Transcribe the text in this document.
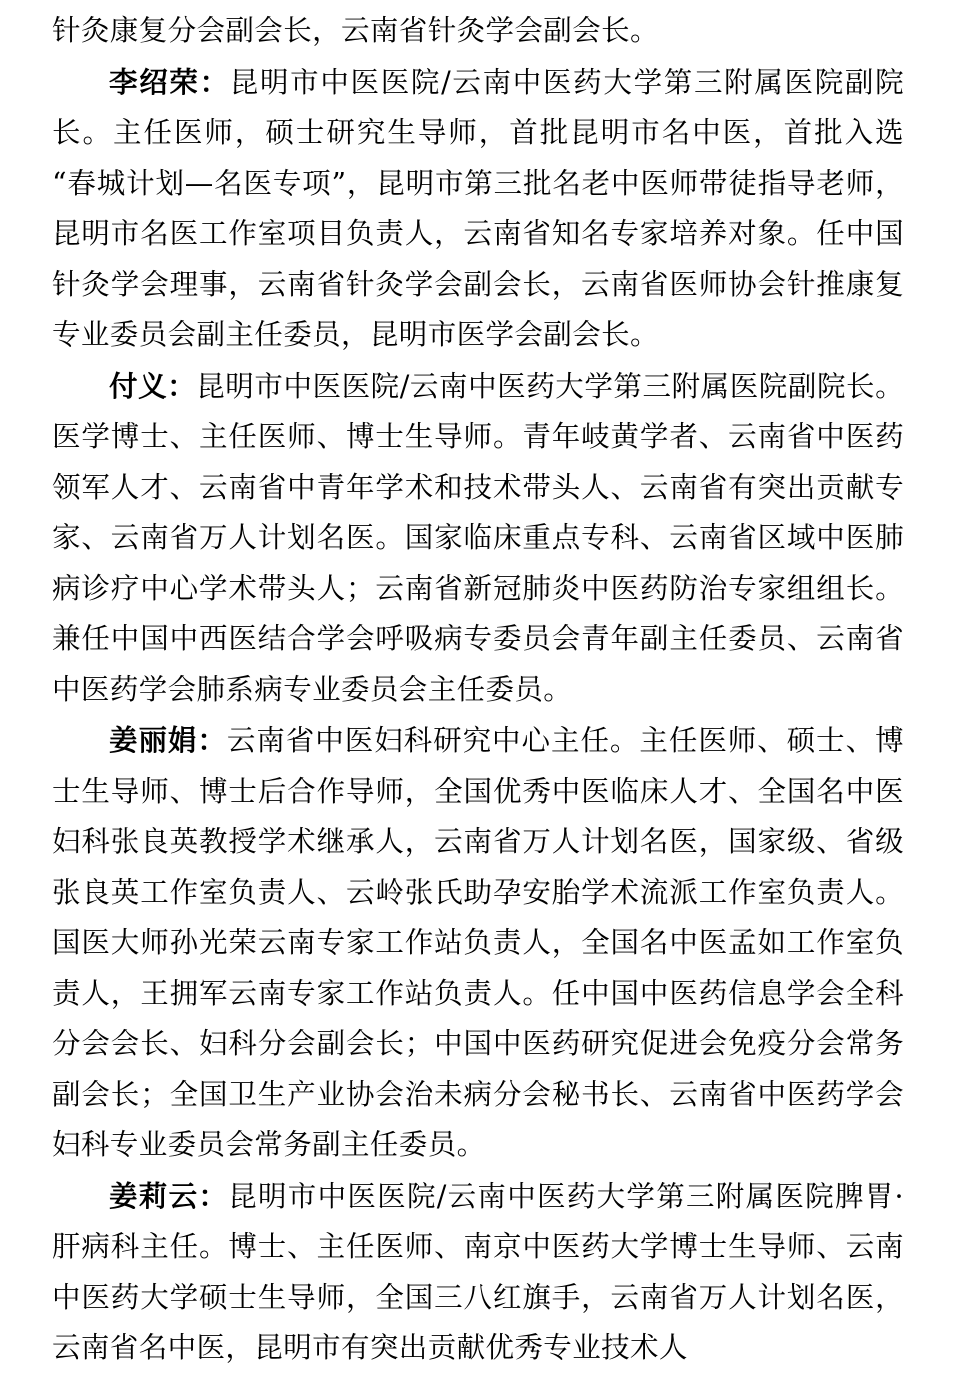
针灸康复分会副会长，云南省针灸学会副会长。

李绍荣：昆明市中医医院/云南中医药大学第三附属医院副院长。主任医师，硕士研究生导师，首批昆明市名中医，首批入选“春城计划—名医专项”，昆明市第三批名老中医师带徒指导老师，昆明市名医工作室项目负责人，云南省知名专家培养对象。任中国针灸学会理事，云南省针灸学会副会长，云南省医师协会针推康复专业委员会副主任委员，昆明市医学会副会长。

付义：昆明市中医医院/云南中医药大学第三附属医院副院长。医学博士、主任医师、博士生导师。青年岐黄学者、云南省中医药领军人才、云南省中青年学术和技术带头人、云南省有突出贡献专家、云南省万人计划名医。国家临床重点专科、云南省区域中医肺病诊疗中心学术带头人；云南省新冠肺炎中医药防治专家组组长。兼任中国中西医结合学会呼吸病专委员会青年副主任委员、云南省中医药学会肺系病专业委员会主任委员。

姜丽娟：云南省中医妇科研究中心主任。主任医师、硕士、博士生导师、博士后合作导师，全国优秀中医临床人才、全国名中医妇科张良英教授学术继承人，云南省万人计划名医，国家级、省级张良英工作室负责人、云岭张氏助孕安胎学术流派工作室负责人。国医大师孙光荣云南专家工作站负责人，全国名中医孟如工作室负责人，王拥军云南专家工作站负责人。任中国中医药信息学会全科分会会长、妇科分会副会长；中国中医药研究促进会免疫分会常务副会长；全国卫生产业协会治未病分会秘书长、云南省中医药学会妇科专业委员会常务副主任委员。

姜莉云：昆明市中医医院/云南中医药大学第三附属医院脾胃·肝病科主任。博士、主任医师、南京中医药大学博士生导师、云南中医药大学硕士生导师，全国三八红旗手，云南省万人计划名医，云南省名中医，昆明市有突出贡献优秀专业技术人
